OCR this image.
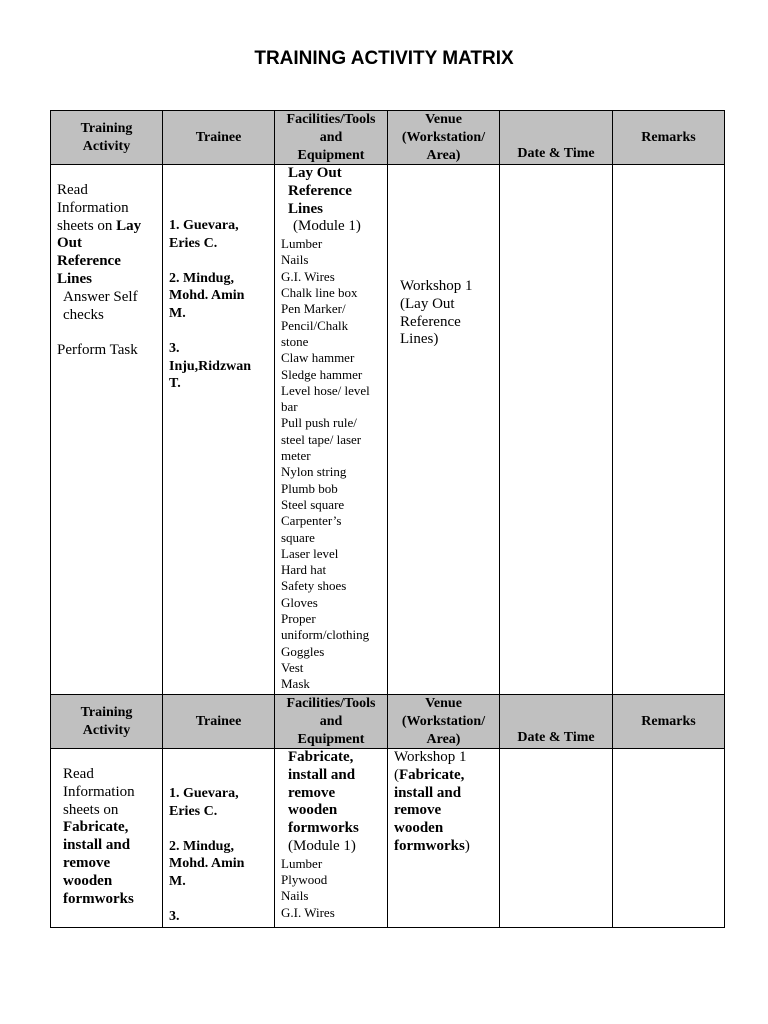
TRAINING ACTIVITY MATRIX
Training
Activity
Trainee
Facilities/Tools
and
Equipment
Venue
(Workstation/
Area)	Date & Time
Remarks
Read
Information
sheets on Lay
Out
Reference
Lines
Answer Self
checks

Perform Task
1. Guevara,
Eries C.

2. Mindug,
Mohd. Amin
M.

3.
Inju,Ridzwan
T.
Lay Out
Reference
Lines
(Module 1)
Lumber
Nails
G.I. Wires
Chalk line box
Pen Marker/
Pencil/Chalk
stone
Claw hammer
Sledge hammer
Level hose/ level
bar
Pull push rule/
steel tape/ laser
meter
Nylon string
Plumb bob
Steel square
Carpenter’s
square
Laser level
Hard hat
Safety shoes
Gloves
Proper
uniform/clothing
Goggles
Vest
Mask
Workshop 1
(Lay Out
Reference
Lines)
Training
Activity
Trainee
Facilities/Tools
and
Equipment
Venue
(Workstation/
Area)	Date & Time
Remarks
Read
Information
sheets on
Fabricate,
install and
remove
wooden
formworks
1. Guevara,
Eries C.

2. Mindug,
Mohd. Amin
M.

3.
Fabricate,
install and
remove
wooden
formworks
(Module 1)
Lumber
Plywood
Nails
G.I. Wires
Workshop 1
(Fabricate,
install and
remove
wooden
formworks)
